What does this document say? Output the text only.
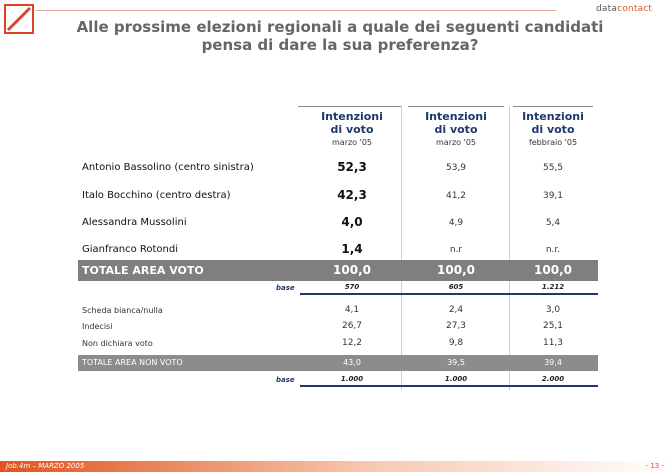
datacontact
Alle prossime elezioni regionali a quale dei seguenti candidati
pensa di dare la sua preferenza?
Intenzioni
di voto
marzo '05
Intenzioni
di voto
marzo '05
Intenzioni
di voto
febbraio '05
Antonio Bassolino (centro sinistra)	52,3	53,9	55,5
Italo Bocchino (centro destra)	42,3	41,2	39,1
Alessandra Mussolini	4,0	4,9	5,4
Gianfranco Rotondi	1,4	n.r	n.r.
TOTALE AREA VOTO	100,0	100,0	100,0
base	570	605	1.212
Scheda bianca/nulla	4,1	2,4	3,0
Indecisi	26,7	27,3	25,1
Non dichiara voto	12,2	9,8	11,3
TOTALE AREA NON VOTO	43,0	39,5	39,4
base	1.000	1.000	2.000
Job.4m – MARZO 2005	- 13 -
